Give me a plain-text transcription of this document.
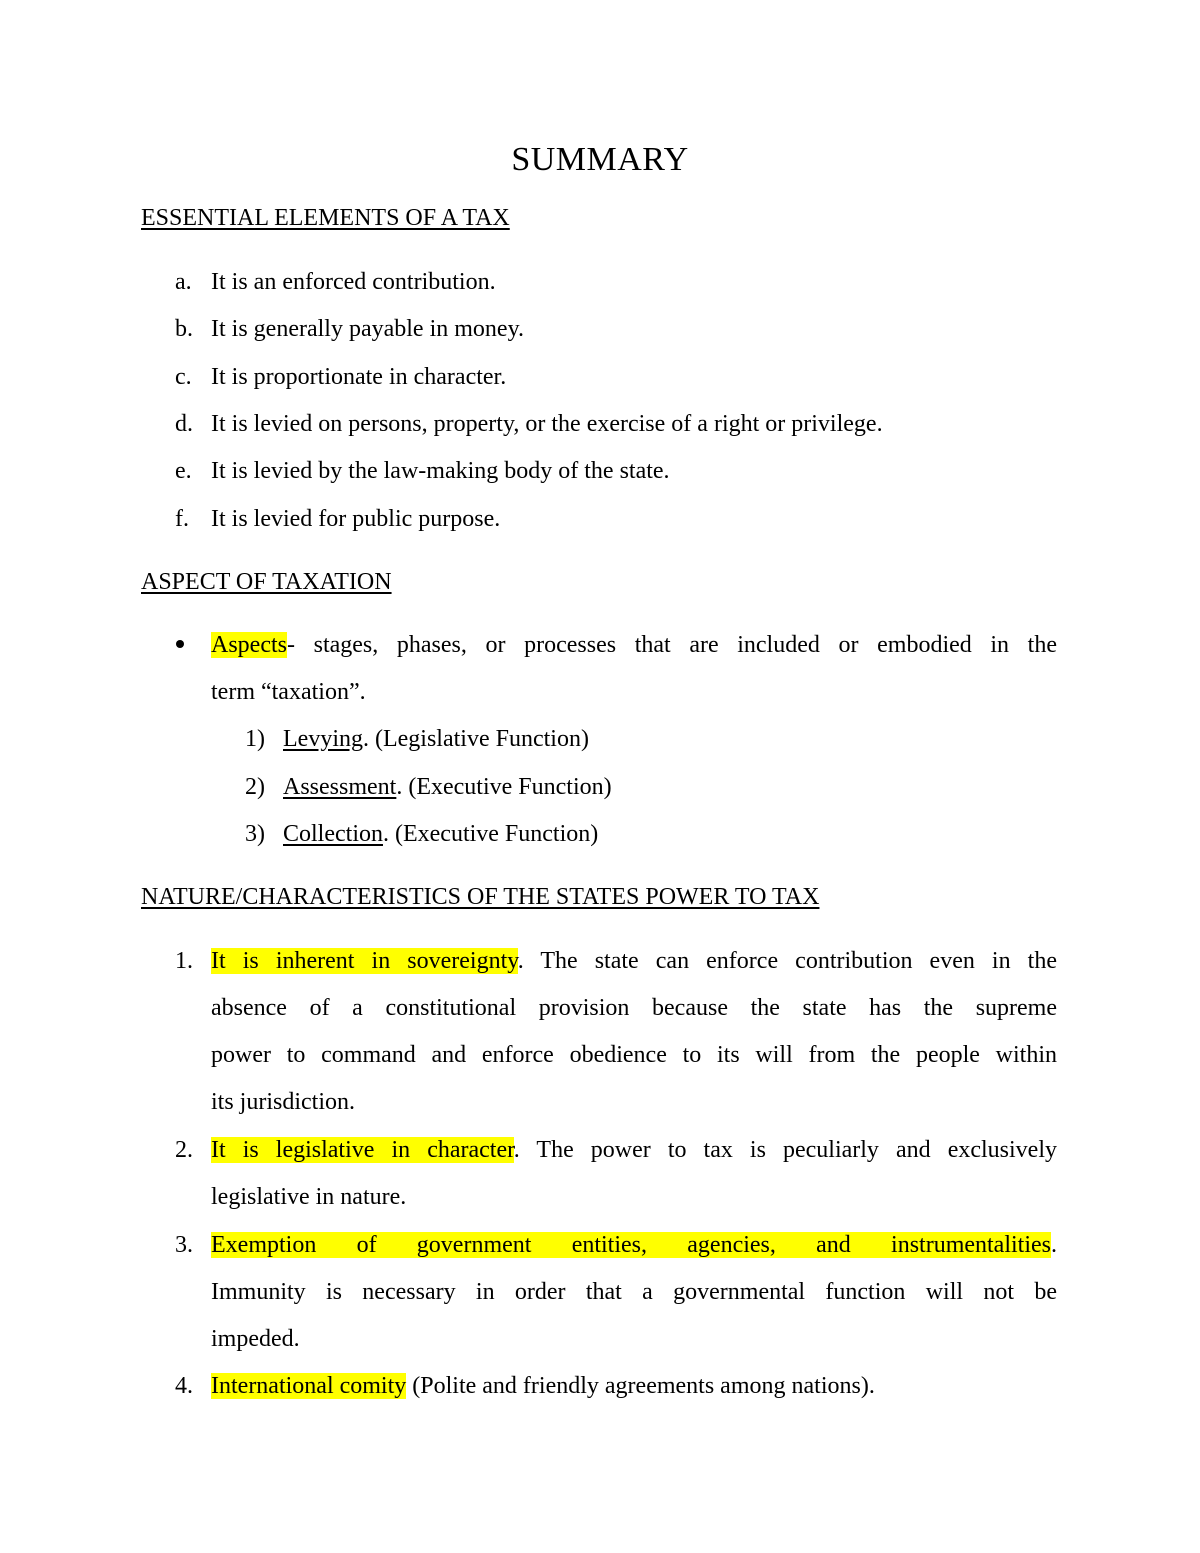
SUMMARY
ESSENTIAL ELEMENTS OF A TAX
a. It is an enforced contribution.
b. It is generally payable in money.
c. It is proportionate in character.
d. It is levied on persons, property, or the exercise of a right or privilege.
e. It is levied by the law-making body of the state.
f. It is levied for public purpose.
ASPECT OF TAXATION
Aspects- stages, phases, or processes that are included or embodied in the
term “taxation”.
1) Levying. (Legislative Function)
2) Assessment. (Executive Function)
3) Collection. (Executive Function)
NATURE/CHARACTERISTICS OF THE STATES POWER TO TAX
1. It is inherent in sovereignty. The state can enforce contribution even in the
absence of a constitutional provision because the state has the supreme
power to command and enforce obedience to its will from the people within
its jurisdiction.
2. It is legislative in character. The power to tax is peculiarly and exclusively
legislative in nature.
3. Exemption of government entities, agencies, and instrumentalities.
Immunity is necessary in order that a governmental function will not be
impeded.
4. International comity (Polite and friendly agreements among nations).
